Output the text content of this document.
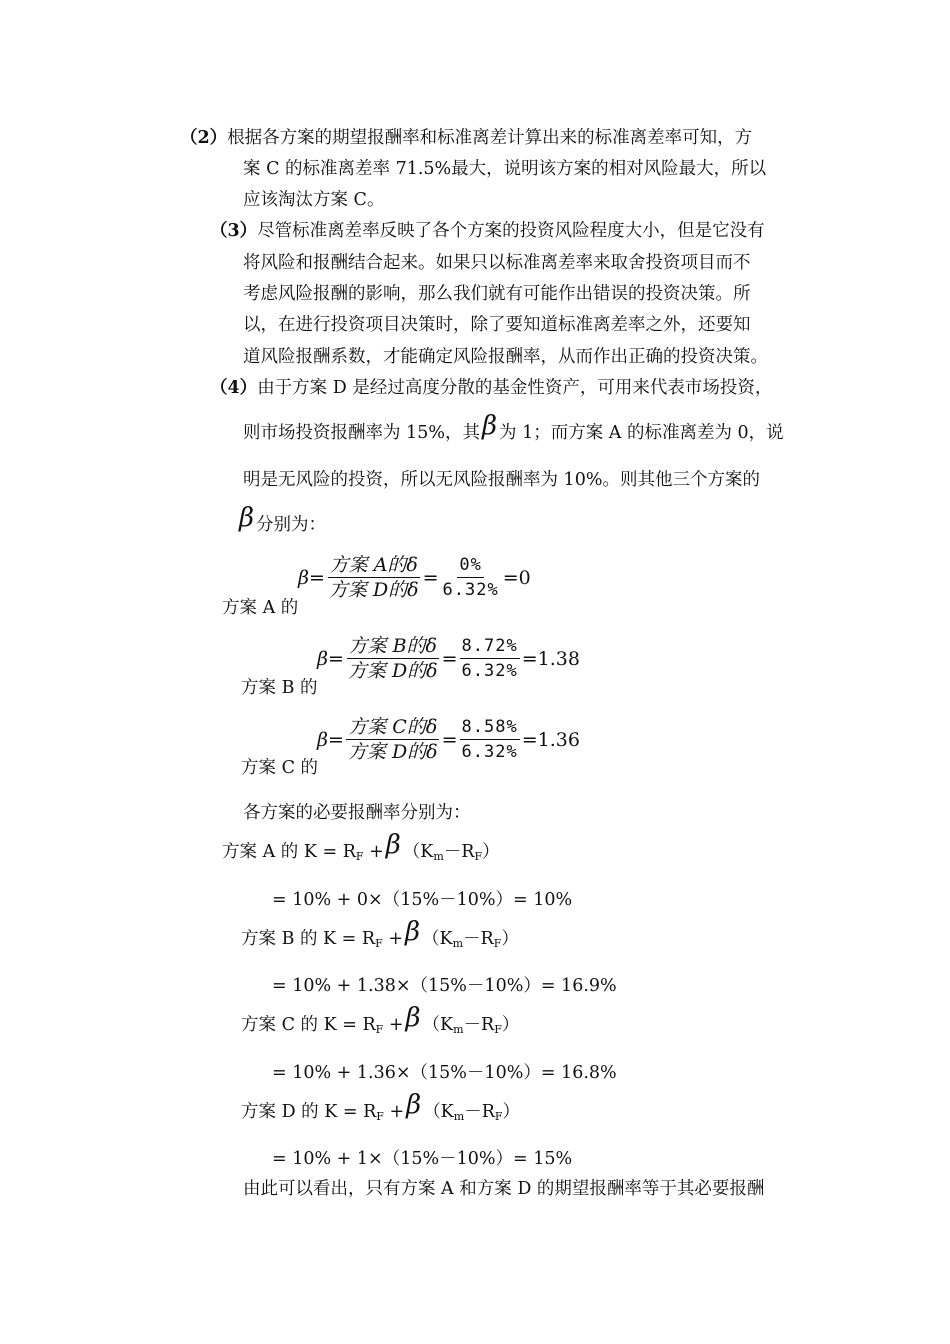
（2）根据各方案的期望报酬率和标准离差计算出来的标准离差率可知，方
案 C 的标准离差率 71.5%最大，说明该方案的相对风险最大，所以
应该淘汰方案 C。
（3）尽管标准离差率反映了各个方案的投资风险程度大小，但是它没有
将风险和报酬结合起来。如果只以标准离差率来取舍投资项目而不
考虑风险报酬的影响，那么我们就有可能作出错误的投资决策。所
以，在进行投资项目决策时，除了要知道标准离差率之外，还要知
道风险报酬系数，才能确定风险报酬率，从而作出正确的投资决策。
（4）由于方案 D 是经过高度分散的基金性资产，可用来代表市场投资，
则市场投资报酬率为 15%，其β 为 1；而方案 A 的标准离差为 0，说
明是无风险的投资，所以无风险报酬率为 10%。则其他三个方案的
β 分别为：
方案 A 的
$\beta= \frac{\text{方案 A的δ}}{\text{方案 D的δ}} = \frac{0\%}{6.32\%} =0$
方案 B 的
$\beta= \frac{\text{方案 B的δ}}{\text{方案 D的δ}} = \frac{8.72\%}{6.32\%} =1.38$
方案 C 的
$\beta= \frac{\text{方案 C的δ}}{\text{方案 D的δ}} = \frac{8.58\%}{6.32\%} =1.36$
各方案的必要报酬率分别为：
方案 A 的 $K = R_F +\beta$ $(K_m-R_F)$
= 10% + 0×（15%－10%）= 10%
方案 B 的 $K = R_F +\beta$ $(K_m-R_F)$
= 10% + 1.38×（15%－10%）= 16.9%
方案 C 的 $K = R_F +\beta$ $(K_m-R_F)$
= 10% + 1.36×（15%－10%）= 16.8%
方案 D 的 $K = R_F +\beta$ $(K_m-R_F)$
= 10% + 1×（15%－10%）= 15%
由此可以看出，只有方案 A 和方案 D 的期望报酬率等于其必要报酬
